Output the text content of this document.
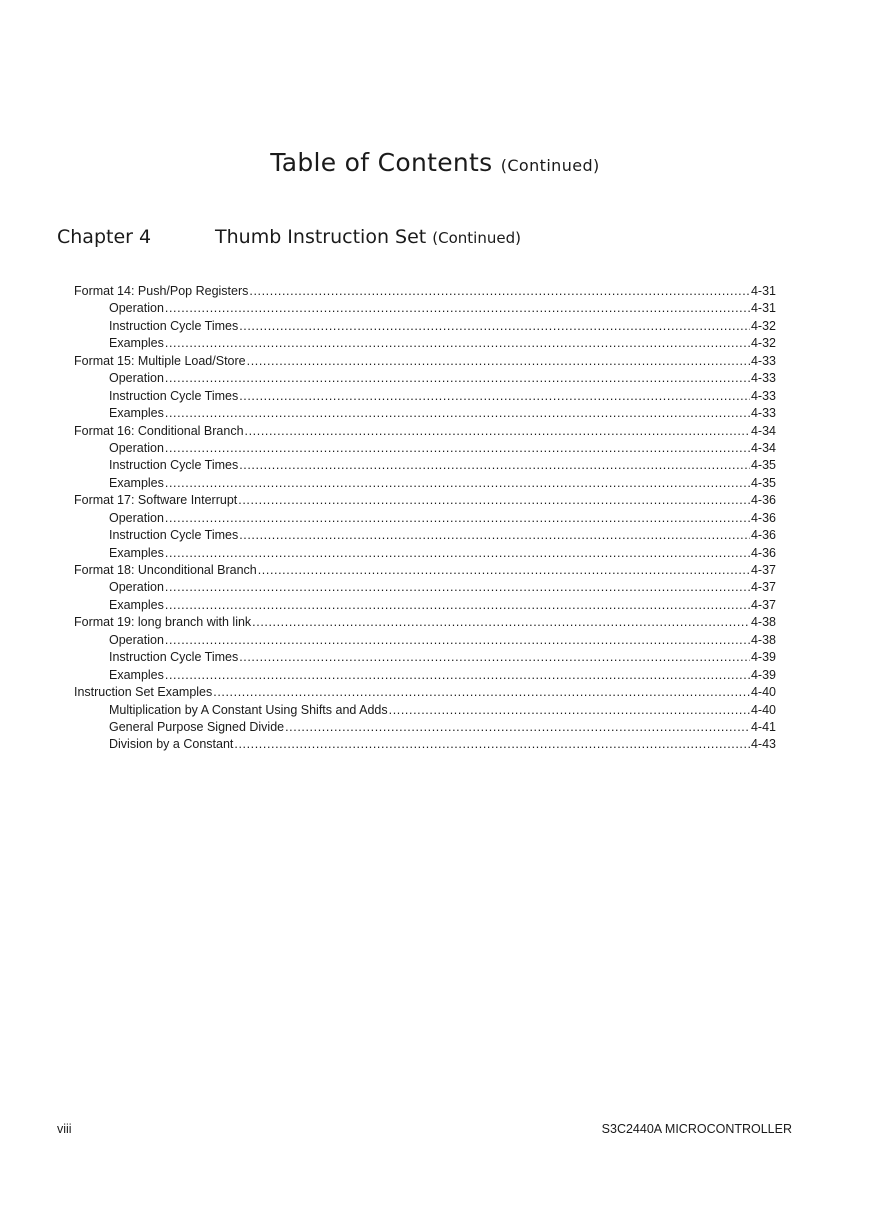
Table of Contents (Continued)
Chapter 4	Thumb Instruction Set (Continued)
Format 14: Push/Pop Registers .....	4-31
Operation .....	4-31
Instruction Cycle Times .....	4-32
Examples .....	4-32
Format 15: Multiple Load/Store .....	4-33
Operation .....	4-33
Instruction Cycle Times .....	4-33
Examples .....	4-33
Format 16: Conditional Branch .....	4-34
Operation .....	4-34
Instruction Cycle Times .....	4-35
Examples .....	4-35
Format 17: Software Interrupt .....	4-36
Operation .....	4-36
Instruction Cycle Times .....	4-36
Examples .....	4-36
Format 18: Unconditional Branch .....	4-37
Operation .....	4-37
Examples .....	4-37
Format 19: long branch with link .....	4-38
Operation .....	4-38
Instruction Cycle Times .....	4-39
Examples .....	4-39
Instruction Set Examples .....	4-40
Multiplication by A Constant Using Shifts and Adds .....	4-40
General Purpose Signed Divide .....	4-41
Division by a Constant .....	4-43
viii	S3C2440A MICROCONTROLLER
